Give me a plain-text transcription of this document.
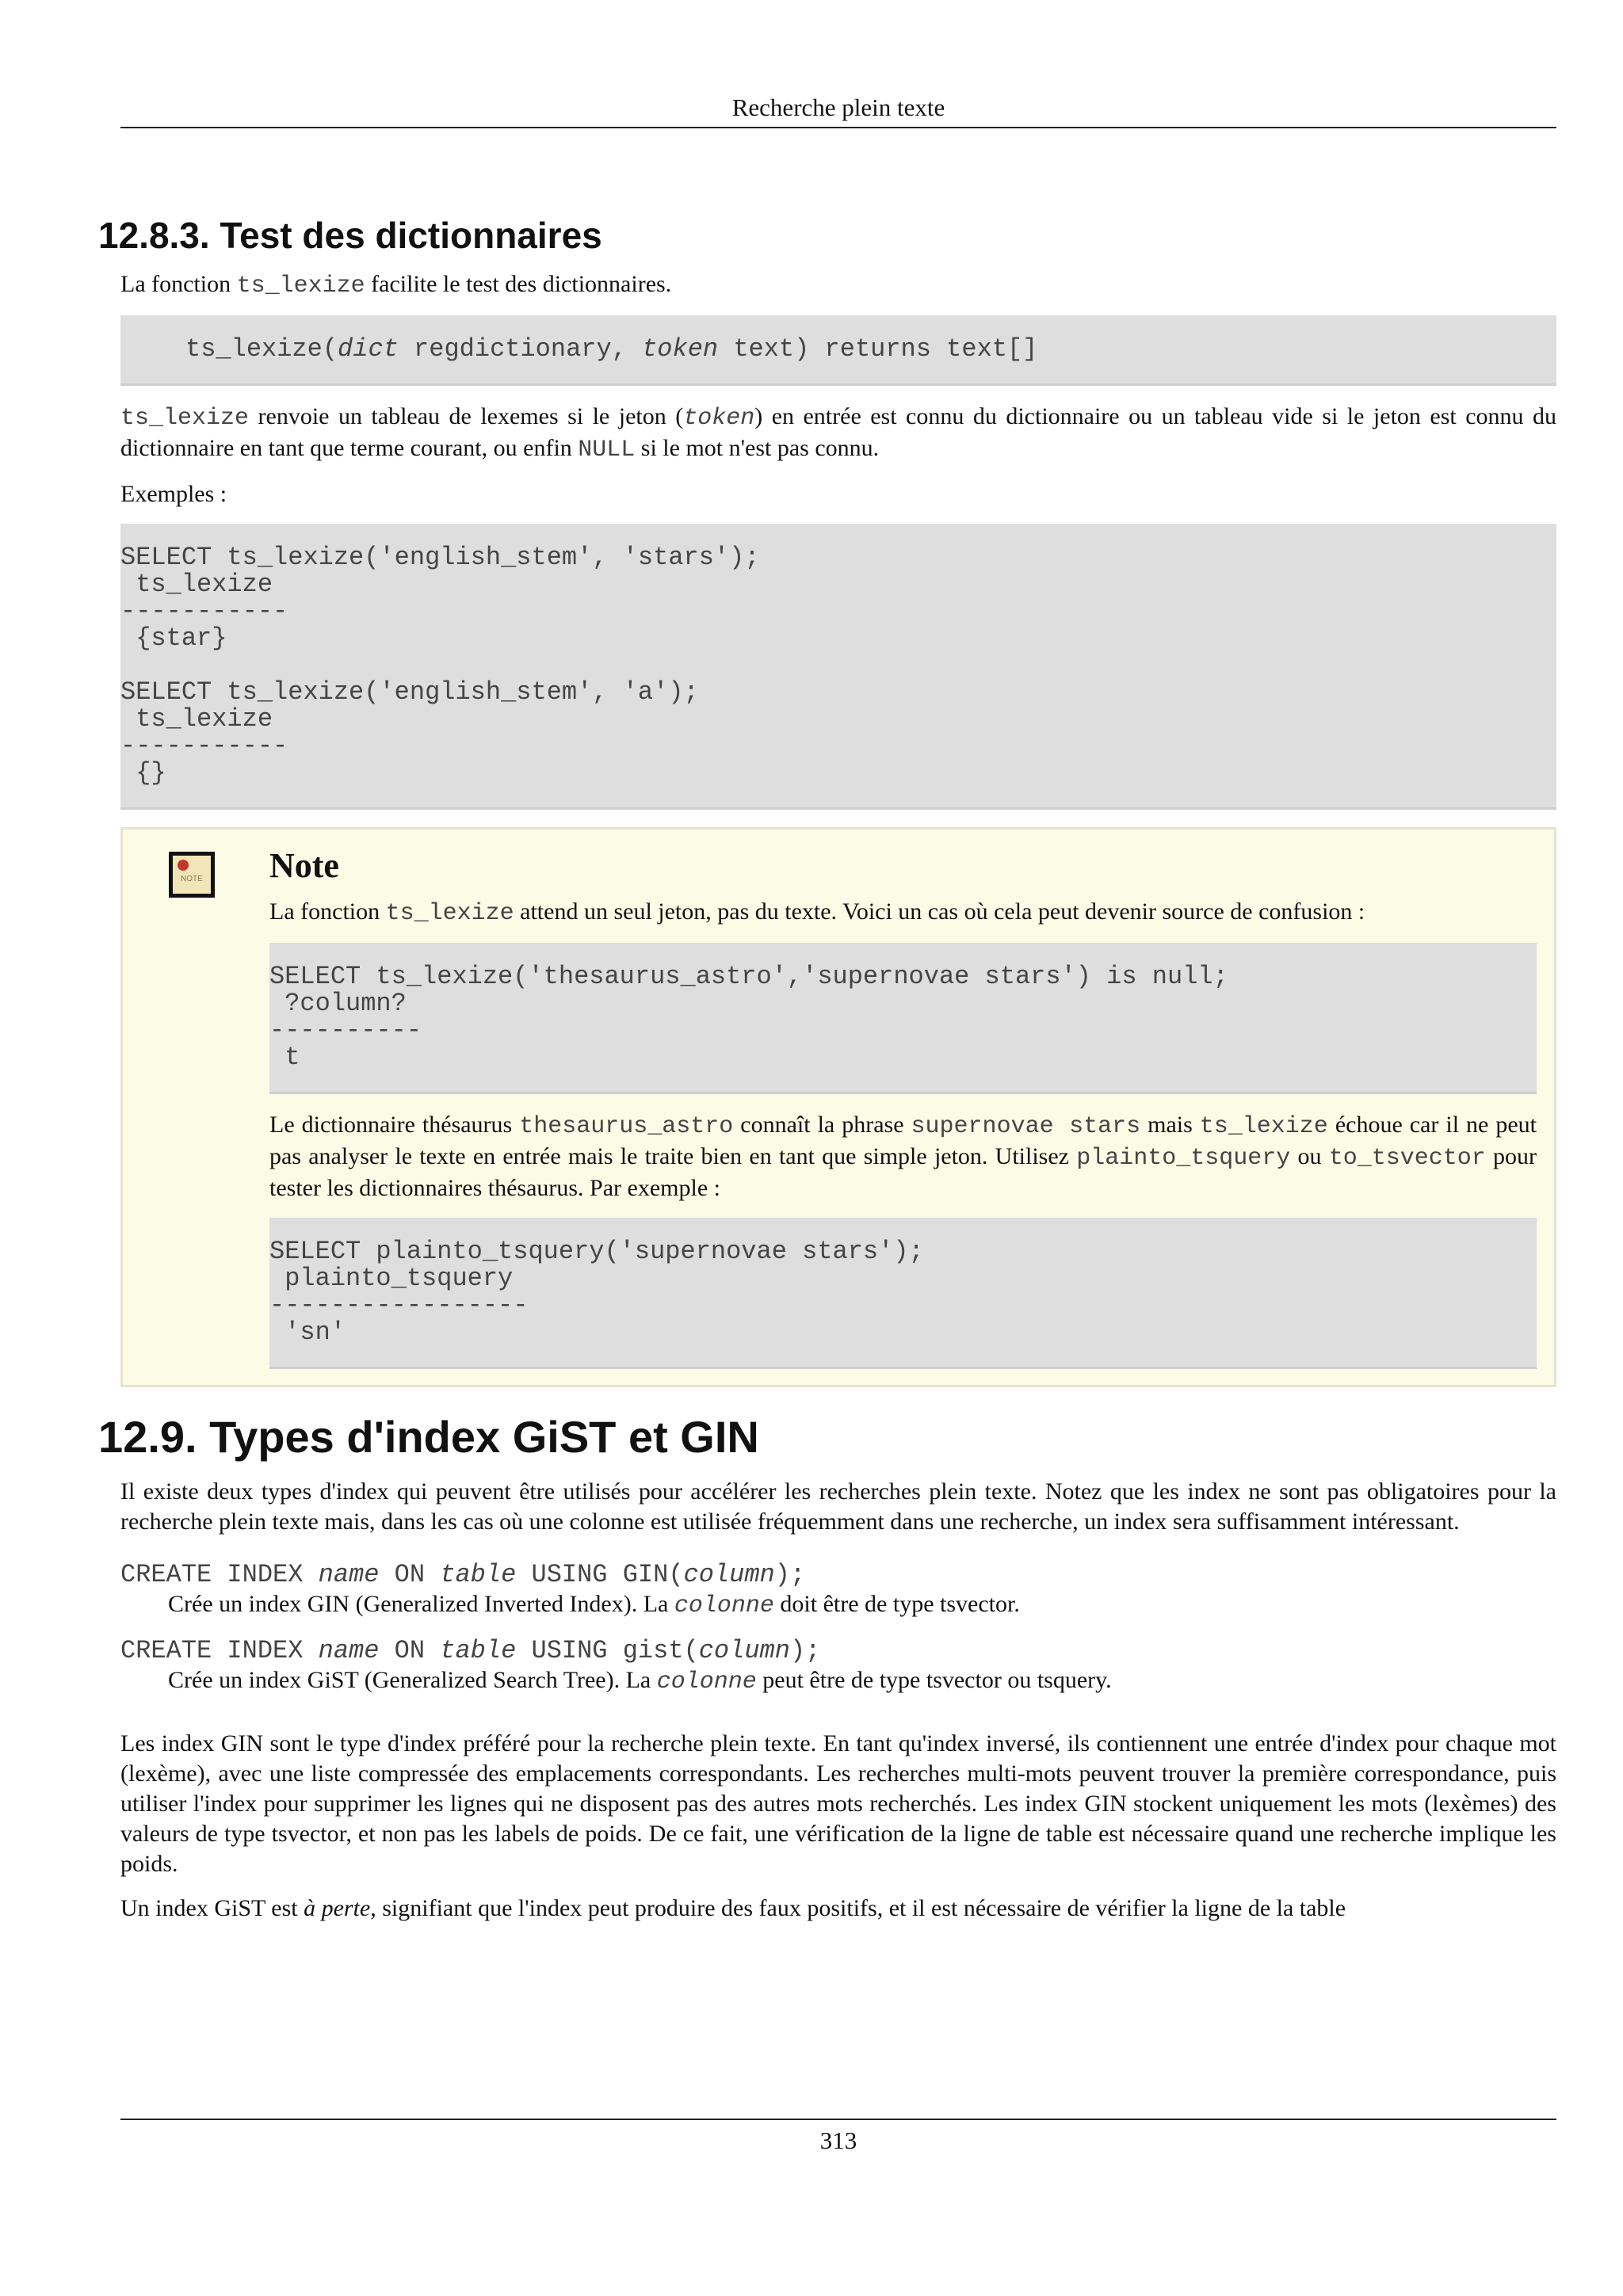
Recherche plein texte
12.8.3. Test des dictionnaires

La fonction ts_lexize facilite le test des dictionnaires.

ts_lexize(dict regdictionary, token text) returns text[]

ts_lexize renvoie un tableau de lexemes si le jeton (token) en entrée est connu du dictionnaire ou un tableau vide si le jeton est connu du dictionnaire en tant que terme courant, ou enfin NULL si le mot n'est pas connu.

Exemples :

SELECT ts_lexize('english_stem', 'stars');
ts_lexize
-----------
{star}

SELECT ts_lexize('english_stem', 'a');
ts_lexize
-----------
{}
NOTE
Note

La fonction ts_lexize attend un seul jeton, pas du texte. Voici un cas où cela peut devenir source de confusion :

SELECT ts_lexize('thesaurus_astro','supernovae stars') is null;
?column?
----------
t

Le dictionnaire thésaurus thesaurus_astro connaît la phrase supernovae stars mais ts_lexize échoue car il ne peut pas analyser le texte en entrée mais le traite bien en tant que simple jeton. Utilisez plainto_tsquery ou to_tsvector pour tester les dictionnaires thésaurus. Par exemple :

SELECT plainto_tsquery('supernovae stars');
plainto_tsquery
-----------------
'sn'
12.9. Types d'index GiST et GIN

Il existe deux types d'index qui peuvent être utilisés pour accélérer les recherches plein texte. Notez que les index ne sont pas obligatoires pour la recherche plein texte mais, dans les cas où une colonne est utilisée fréquemment dans une recherche, un index sera suffisamment intéressant.

CREATE INDEX name ON table USING GIN(column);
Crée un index GIN (Generalized Inverted Index). La colonne doit être de type tsvector.
CREATE INDEX name ON table USING gist(column);
Crée un index GiST (Generalized Search Tree). La colonne peut être de type tsvector ou tsquery.

Les index GIN sont le type d'index préféré pour la recherche plein texte. En tant qu'index inversé, ils contiennent une entrée d'index pour chaque mot (lexème), avec une liste compressée des emplacements correspondants. Les recherches multi-mots peuvent trouver la première correspondance, puis utiliser l'index pour supprimer les lignes qui ne disposent pas des autres mots recherchés. Les index GIN stockent uniquement les mots (lexèmes) des valeurs de type tsvector, et non pas les labels de poids. De ce fait, une vérification de la ligne de table est nécessaire quand une recherche implique les poids.

Un index GiST est à perte, signifiant que l'index peut produire des faux positifs, et il est nécessaire de vérifier la ligne de la table

313
